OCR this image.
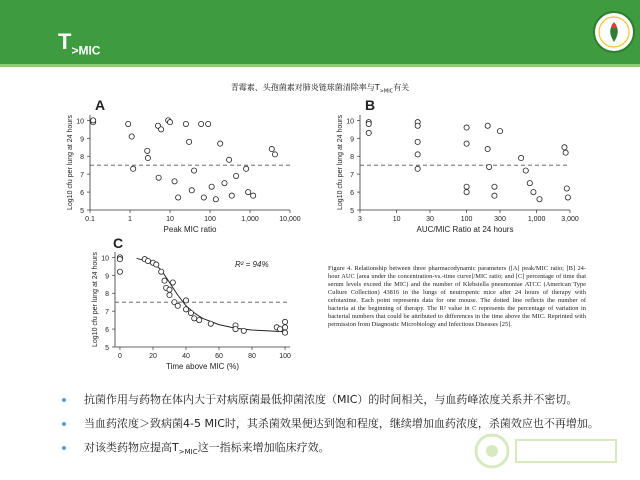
$T_{>MIC}$
青霉素、头孢菌素对肺炎链球菌清除率与$T_{>MIC}$有关
A
5
6
7
8
9
10
0.1	1	10	100	1,000	10,000
Peak MIC ratio
Log10 cfu per lung at 24 hours
B
5
6
7
8
9
10
3	10	30	100	300	1,000 3,000
AUC/MIC Ratio at 24 hours
Log10 cfu per lung at 24 hours
C
5
6
7
8
9
10
0	20	40	60	80	100
Time above MIC (%)
Log10 cfu per lung at 24 hours	R² = 94%	Figure 4. Relationship between three pharmacodynamic parameters ([A] peak/MIC ratio; [B] 24-hour AUC [area under the concentration-vs.-time curve]/MIC ratio; and [C] percentage of time that serum levels exceed the MIC) and the number of Klebsiella pneumoniae ATCC (American Type Culture Collection) 43816 in the lungs of neutropenic mice after 24 hours of therapy with cefotaxime. Each point represents data for one mouse. The dotted line reflects the number of bacteria at the beginning of therapy. The R² value in C represents the percentage of variation in bacterial numbers that could be attributed to differences in the time above the MIC. Reprinted with permission from Diagnostic Microbiology and Infectious Diseases [25].
抗菌作用与药物在体内大于对病原菌最低抑菌浓度（MIC）的时间相关，与血药峰浓度关系并不密切。
当血药浓度＞致病菌4-5 MIC时，其杀菌效果便达到饱和程度，继续增加血药浓度，杀菌效应也不再增加。
对该类药物应提高$T_{>MIC}$这一指标来增加临床疗效。
